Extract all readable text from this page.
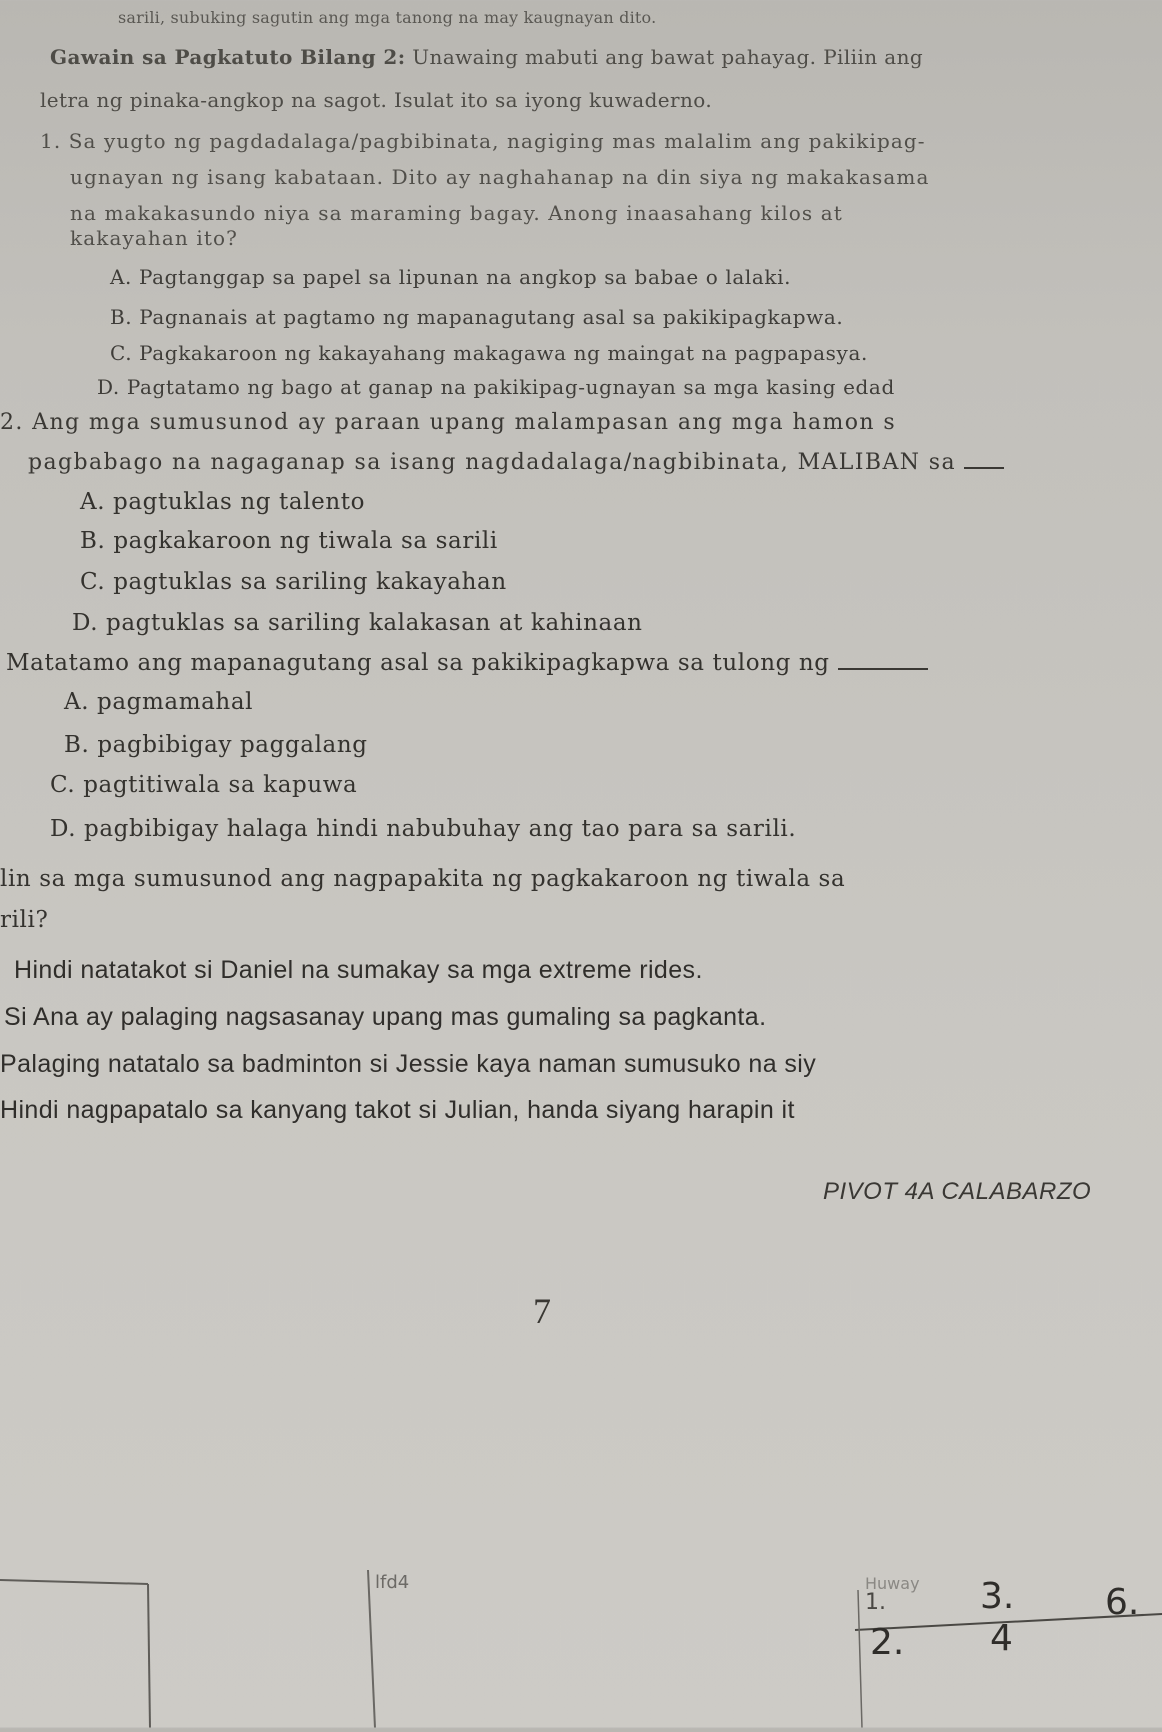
sarili, subuking sagutin ang mga tanong na may kaugnayan dito.
Gawain sa Pagkatuto Bilang 2: Unawaing mabuti ang bawat pahayag. Piliin ang
letra ng pinaka-angkop na sagot. Isulat ito sa iyong kuwaderno.
1. Sa yugto ng pagdadalaga/pagbibinata, nagiging mas malalim ang pakikipag-
ugnayan ng isang kabataan. Dito ay naghahanap na din siya ng makakasama
na makakasundo niya sa maraming bagay. Anong inaasahang kilos at
kakayahan ito?
A. Pagtanggap sa papel sa lipunan na angkop sa babae o lalaki.
B. Pagnanais at pagtamo ng mapanagutang asal sa pakikipagkapwa.
C. Pagkakaroon ng kakayahang makagawa ng maingat na pagpapasya.
D. Pagtatamo ng bago at ganap na pakikipag-ugnayan sa mga kasing edad
2. Ang mga sumusunod ay paraan upang malampasan ang mga hamon s
pagbabago na nagaganap sa isang nagdadalaga/nagbibinata, MALIBAN sa
A. pagtuklas ng talento
B. pagkakaroon ng tiwala sa sarili
C. pagtuklas sa sariling kakayahan
D. pagtuklas sa sariling kalakasan at kahinaan
Matatamo ang mapanagutang asal sa pakikipagkapwa sa tulong ng
A. pagmamahal
B. pagbibigay paggalang
C. pagtitiwala sa kapuwa
D. pagbibigay halaga hindi nabubuhay ang tao para sa sarili.
lin sa mga sumusunod ang nagpapakita ng pagkakaroon ng tiwala sa
rili?
Hindi natatakot si Daniel na sumakay sa mga extreme rides.
Si Ana ay palaging nagsasanay upang mas gumaling sa pagkanta.
Palaging natatalo sa badminton si Jessie kaya naman sumusuko na siy
Hindi nagpapatalo sa kanyang takot si Julian, handa siyang harapin it
PIVOT 4A CALABARZO
7
lfd4	Huway
1.
2.
3.
4
6.
